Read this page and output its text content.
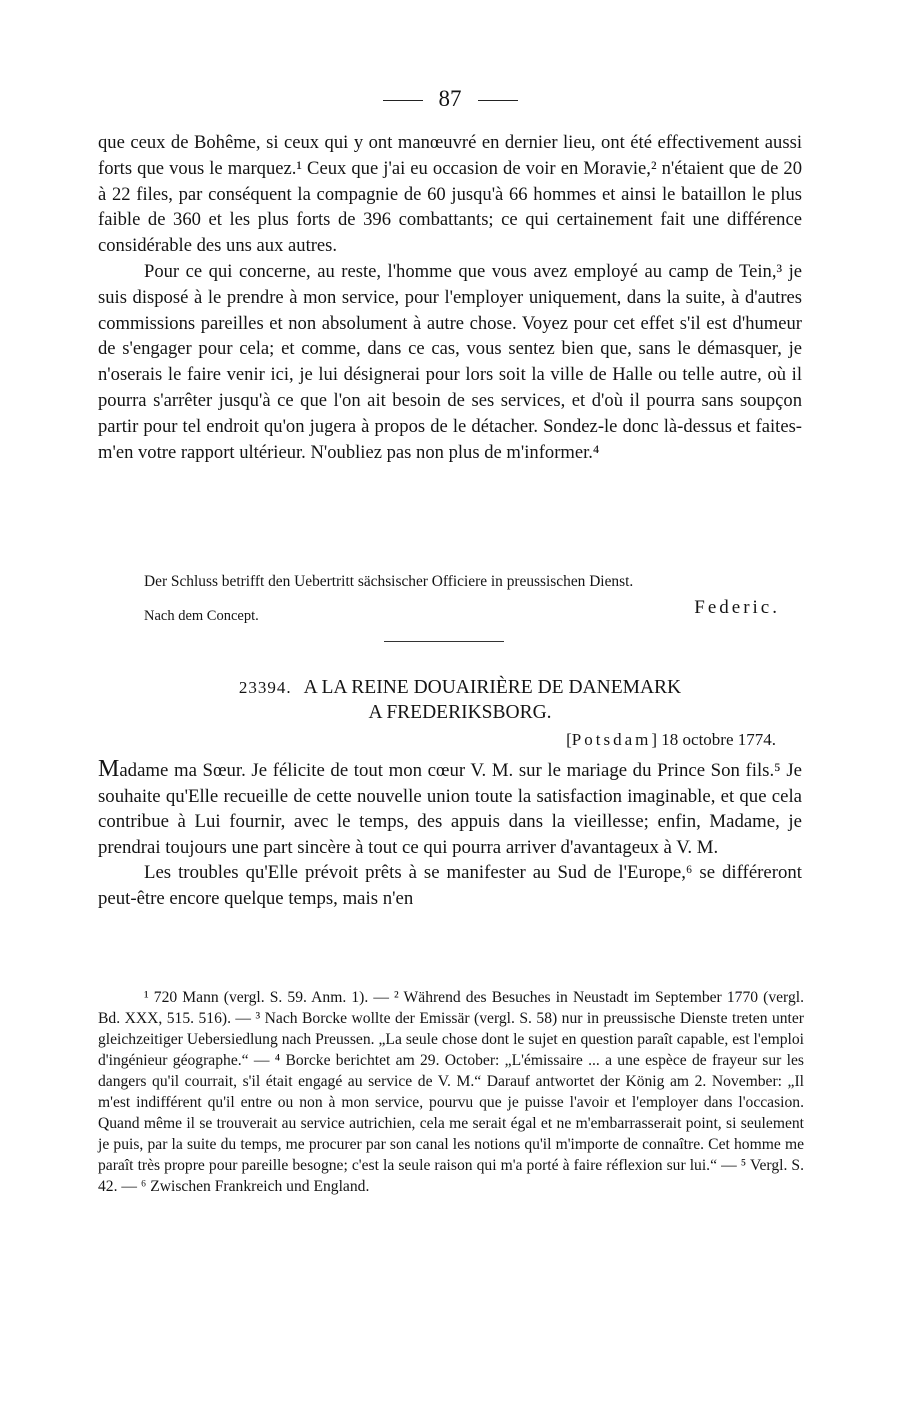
87

que ceux de Bohême, si ceux qui y ont manœuvré en dernier lieu, ont été effectivement aussi forts que vous le marquez.¹ Ceux que j'ai eu occasion de voir en Moravie,² n'étaient que de 20 à 22 files, par conséquent la compagnie de 60 jusqu'à 66 hommes et ainsi le bataillon le plus faible de 360 et les plus forts de 396 combattants; ce qui certainement fait une différence considérable des uns aux autres.

Pour ce qui concerne, au reste, l'homme que vous avez employé au camp de Tein,³ je suis disposé à le prendre à mon service, pour l'employer uniquement, dans la suite, à d'autres commissions pareilles et non absolument à autre chose. Voyez pour cet effet s'il est d'humeur de s'engager pour cela; et comme, dans ce cas, vous sentez bien que, sans le démasquer, je n'oserais le faire venir ici, je lui désignerai pour lors soit la ville de Halle ou telle autre, où il pourra s'arrêter jusqu'à ce que l'on ait besoin de ses services, et d'où il pourra sans soupçon partir pour tel endroit qu'on jugera à propos de le détacher. Sondez-le donc là-dessus et faites-m'en votre rapport ultérieur. N'oubliez pas non plus de m'informer.⁴

Der Schluss betrifft den Uebertritt sächsischer Officiere in preussischen Dienst.
Nach dem Concept.	Federic.
23394. A LA REINE DOUAIRIÈRE DE DANEMARK
A FREDERIKSBORG.
[Potsdam] 18 octobre 1774.

Madame ma Sœur. Je félicite de tout mon cœur V. M. sur le mariage du Prince Son fils.⁵ Je souhaite qu'Elle recueille de cette nouvelle union toute la satisfaction imaginable, et que cela contribue à Lui fournir, avec le temps, des appuis dans la vieillesse; enfin, Madame, je prendrai toujours une part sincère à tout ce qui pourra arriver d'avantageux à V. M.

Les troubles qu'Elle prévoit prêts à se manifester au Sud de l'Europe,⁶ se différeront peut-être encore quelque temps, mais n'en

¹ 720 Mann (vergl. S. 59. Anm. 1). — ² Während des Besuches in Neustadt im September 1770 (vergl. Bd. XXX, 515. 516). — ³ Nach Borcke wollte der Emissär (vergl. S. 58) nur in preussische Dienste treten unter gleichzeitiger Uebersiedlung nach Preussen. „La seule chose dont le sujet en question paraît capable, est l'emploi d'ingénieur géographe.“ — ⁴ Borcke berichtet am 29. October: „L'émissaire ... a une espèce de frayeur sur les dangers qu'il courrait, s'il était engagé au service de V. M.“ Darauf antwortet der König am 2. November: „Il m'est indifférent qu'il entre ou non à mon service, pourvu que je puisse l'avoir et l'employer dans l'occasion. Quand même il se trouverait au service autrichien, cela me serait égal et ne m'embarrasserait point, si seulement je puis, par la suite du temps, me procurer par son canal les notions qu'il m'importe de connaître. Cet homme me paraît très propre pour pareille besogne; c'est la seule raison qui m'a porté à faire réflexion sur lui.“ — ⁵ Vergl. S. 42. — ⁶ Zwischen Frankreich und England.
